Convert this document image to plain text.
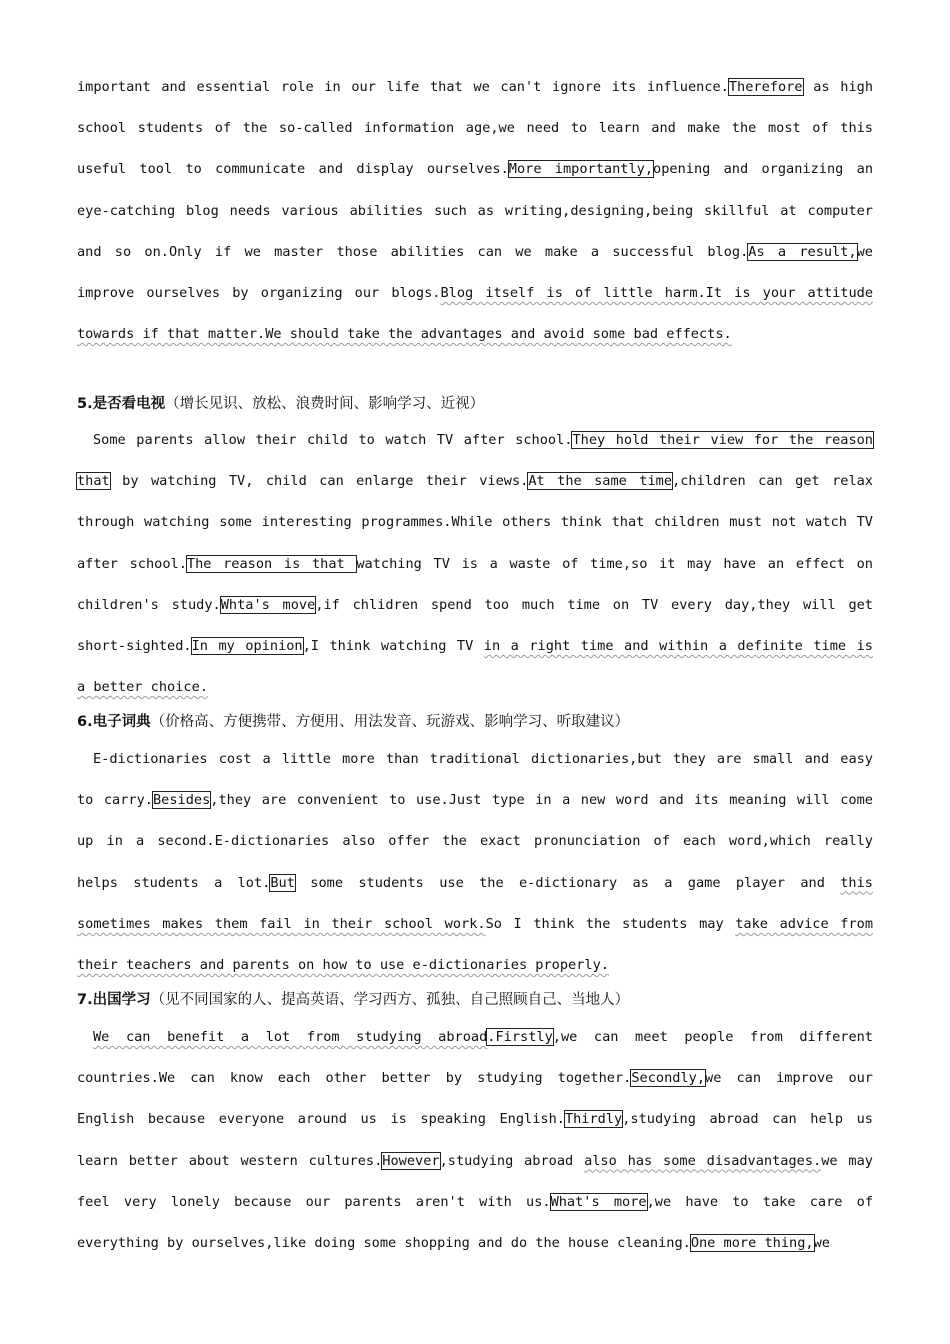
important and essential role in our life that we can't ignore its influence.Therefore as high
school students of the so-called information age,we need to learn and make the most of this
useful tool to communicate and display ourselves.More importantly,opening and organizing an
eye-catching blog needs various abilities such as writing,designing,being skillful at computer
and so on.Only if we master those abilities can we make a successful blog.As a result,we
improve ourselves by organizing our blogs.Blog itself is of little harm.It is your attitude
towards if that matter.We should take the advantages and avoid some bad effects.
5.是否看电视（增长见识、放松、浪费时间、影响学习、近视）
Some parents allow their child to watch TV after school.They hold their view for the reason
that by watching TV, child can enlarge their views.At the same time,children can get relax
through watching some interesting programmes.While others think that children must not watch TV
after school.The reason is that watching TV is a waste of time,so it may have an effect on
children's study.Whta's move,if chlidren spend too much time on TV every day,they will get
short-sighted.In my opinion,I think watching TV in a right time and within a definite time is
a better choice.
6.电子词典（价格高、方便携带、方便用、用法发音、玩游戏、影响学习、听取建议）
E-dictionaries cost a little more than traditional dictionaries,but they are small and easy
to carry.Besides,they are convenient to use.Just type in a new word and its meaning will come
up in a second.E-dictionaries also offer the exact pronunciation of each word,which really
helps students a lot.But some students use the e-dictionary as a game player and this
sometimes makes them fail in their school work.So I think the students may take advice from
their teachers and parents on how to use e-dictionaries properly.
7.出国学习（见不同国家的人、提高英语、学习西方、孤独、自己照顾自己、当地人）
We can benefit a lot from studying abroad.Firstly,we can meet people from different
countries.We can know each other better by studying together.Secondly,we can improve our
English because everyone around us is speaking English.Thirdly,studying abroad can help us
learn better about western cultures.However,studying abroad also has some disadvantages.we may
feel very lonely because our parents aren't with us.What's more,we have to take care of
everything by ourselves,like doing some shopping and do the house cleaning.One more thing,we
